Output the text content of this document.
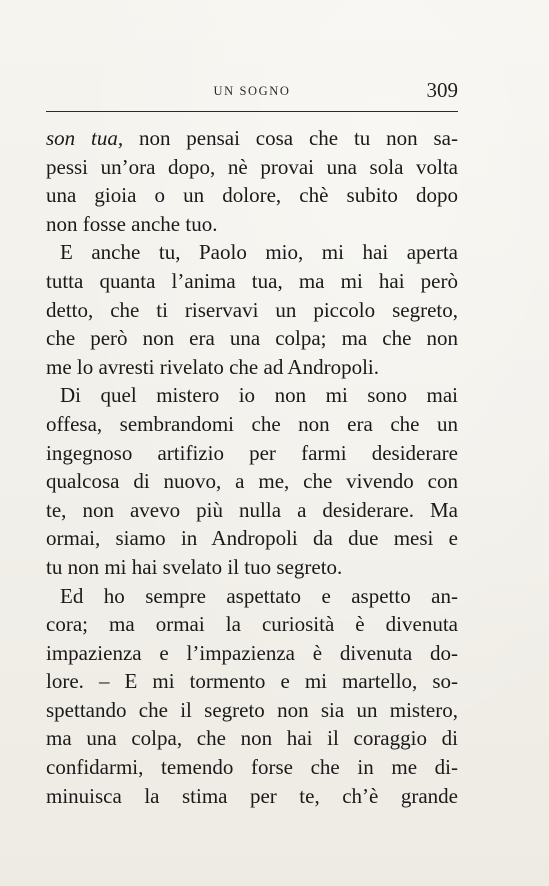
UN SOGNO	309
son tua, non pensai cosa che tu non sa-
pessi un’ora dopo, nè provai una sola volta
una gioia o un dolore, chè subito dopo
non fosse anche tuo.
E anche tu, Paolo mio, mi hai aperta
tutta quanta l’anima tua, ma mi hai però
detto, che ti riservavi un piccolo segreto,
che però non era una colpa; ma che non
me lo avresti rivelato che ad Andropoli.
Di quel mistero io non mi sono mai
offesa, sembrandomi che non era che un
ingegnoso artifizio per farmi desiderare
qualcosa di nuovo, a me, che vivendo con
te, non avevo più nulla a desiderare. Ma
ormai, siamo in Andropoli da due mesi e
tu non mi hai svelato il tuo segreto.
Ed ho sempre aspettato e aspetto an-
cora; ma ormai la curiosità è divenuta
impazienza e l’impazienza è divenuta do-
lore. – E mi tormento e mi martello, so-
spettando che il segreto non sia un mistero,
ma una colpa, che non hai il coraggio di
confidarmi, temendo forse che in me di-
minuisca la stima per te, ch’è grande
